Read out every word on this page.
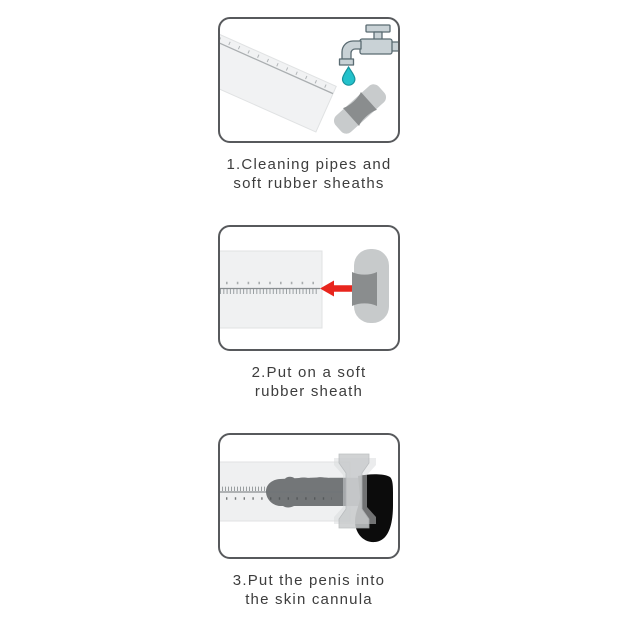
1.Cleaning pipes and
soft rubber sheaths
2.Put on a soft
rubber sheath
3.Put the penis into
the skin cannula
